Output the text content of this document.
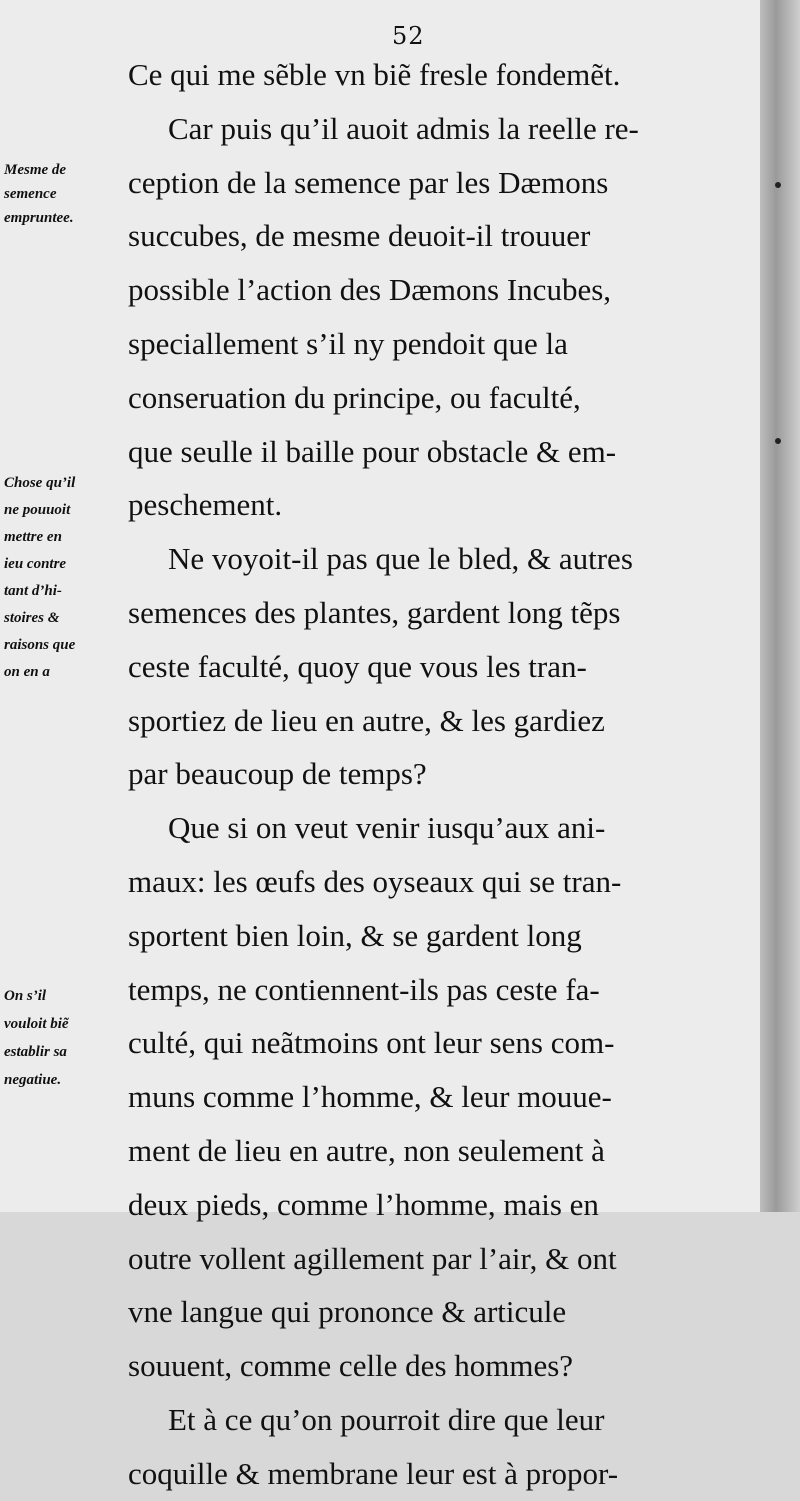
52
Mesme de
semence
empruntee.
Chose qu’il
ne pouuoit
mettre en
ieu contre
tant d’hi-
stoires &
raisons que
on en a
On s’il
vouloit biẽ
establir sa
negatiue.
Ce qui me sẽble vn biẽ fresle fondemẽt.
Car puis qu’il auoit admis la reelle re-
ception de la semence par les Dæmons
succubes, de mesme deuoit-il trouuer
possible l’action des Dæmons Incubes,
speciallement s’il ny pendoit que la
conseruation du principe, ou faculté,
que seulle il baille pour obstacle & em-
peschement.
Ne voyoit-il pas que le bled, & autres
semences des plantes, gardent long tẽps
ceste faculté, quoy que vous les tran-
sportiez de lieu en autre, & les gardiez
par beaucoup de temps?
Que si on veut venir iusqu’aux ani-
maux: les œufs des oyseaux qui se tran-
sportent bien loin, & se gardent long
temps, ne contiennent-ils pas ceste fa-
culté, qui neãtmoins ont leur sens com-
muns comme l’homme, & leur mouue-
ment de lieu en autre, non seulement à
deux pieds, comme l’homme, mais en
outre vollent agillement par l’air, & ont
vne langue qui prononce & articule
souuent, comme celle des hommes?
Et à ce qu’on pourroit dire que leur
coquille & membrane leur est à propor-
